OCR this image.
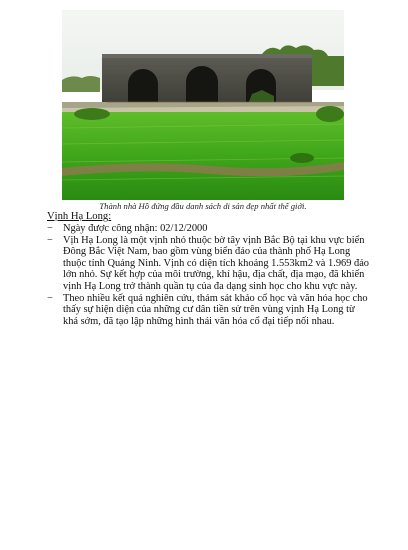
Thành nhà Hồ đứng đầu danh sách di sản đẹp nhất thế giới.
Vịnh Hạ Long:
− Ngày được công nhận: 02/12/2000
− Vịh Hạ Long là một vịnh nhỏ thuộc bờ tây vịnh Bắc Bộ tại khu vực biển Đông Bắc Việt Nam, bao gồm vùng biển đảo của thành phố Hạ Long thuộc tỉnh Quảng Ninh. Vịnh có diện tích khoảng 1.553km2 và 1.969 đảo lớn nhỏ. Sự kết hợp của môi trường, khí hậu, địa chất, địa mạo, đã khiến vịnh Hạ Long trở thành quần tụ của đa dạng sinh học cho khu vực này.
− Theo nhiều kết quả nghiên cứu, thám sát khảo cổ học và văn hóa học cho thấy sự hiện diện của những cư dân tiền sử trên vùng vịnh Hạ Long từ khá sớm, đã tạo lập những hình thái văn hóa cổ đại tiếp nối nhau.
